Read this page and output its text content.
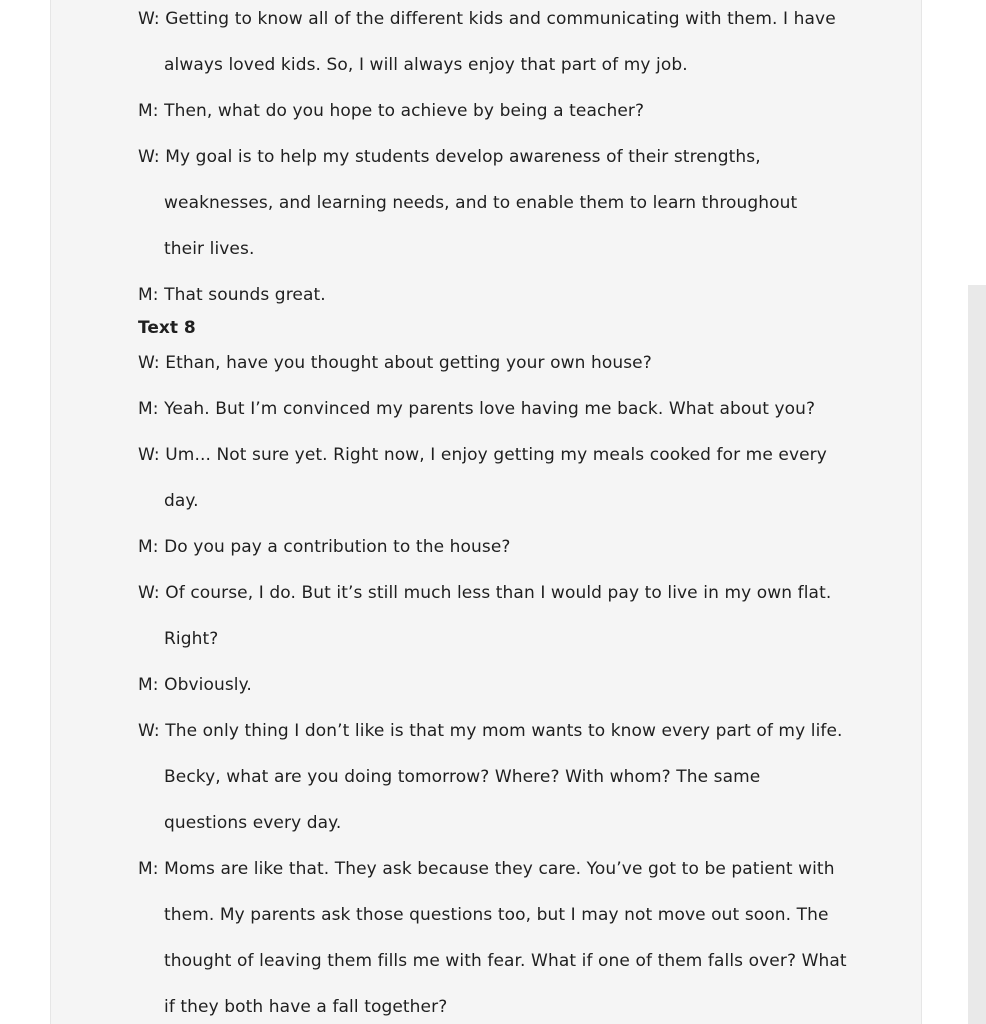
W: Getting to know all of the different kids and communicating with them. I have
always loved kids. So, I will always enjoy that part of my job.
M: Then, what do you hope to achieve by being a teacher?
W: My goal is to help my students develop awareness of their strengths,
weaknesses, and learning needs, and to enable them to learn throughout
their lives.
M: That sounds great.
Text 8
W: Ethan, have you thought about getting your own house?
M: Yeah. But I’m convinced my parents love having me back. What about you?
W: Um... Not sure yet. Right now, I enjoy getting my meals cooked for me every
day.
M: Do you pay a contribution to the house?
W: Of course, I do. But it’s still much less than I would pay to live in my own flat.
Right?
M: Obviously.
W: The only thing I don’t like is that my mom wants to know every part of my life.
Becky, what are you doing tomorrow? Where? With whom? The same
questions every day.
M: Moms are like that. They ask because they care. You’ve got to be patient with
them. My parents ask those questions too, but I may not move out soon. The
thought of leaving them fills me with fear. What if one of them falls over? What
if they both have a fall together?
